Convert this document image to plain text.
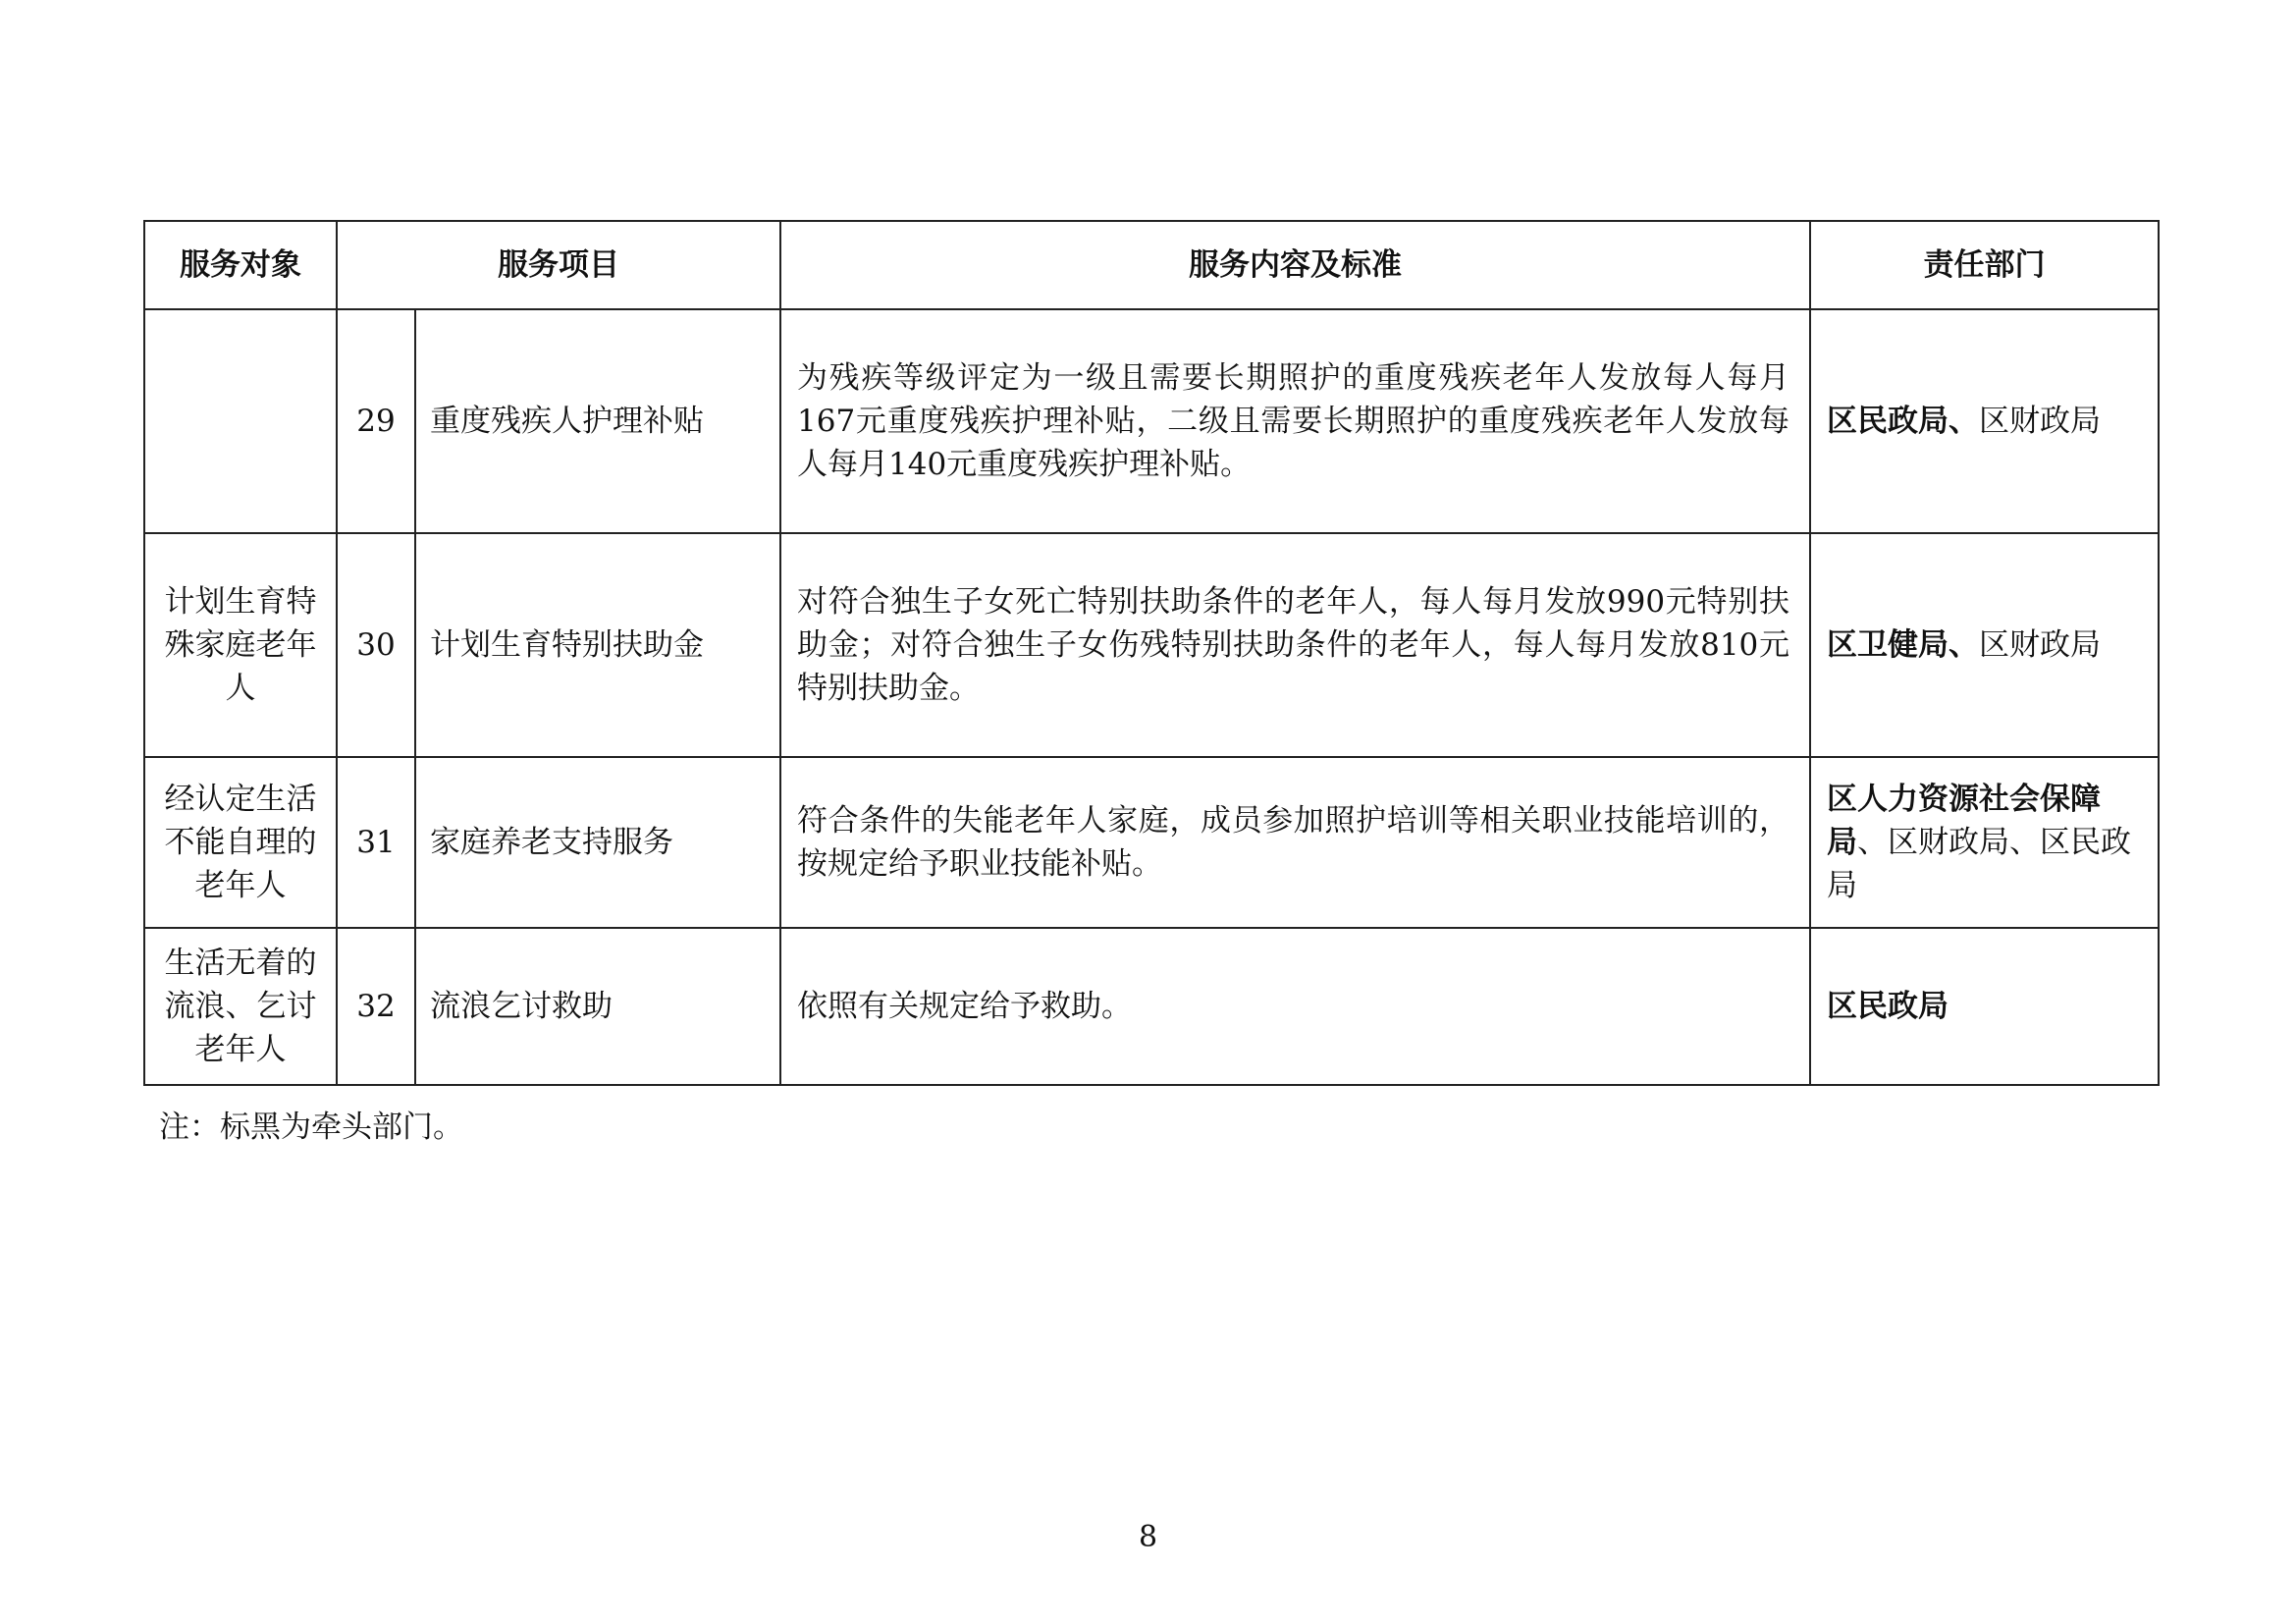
服务对象	服务项目		服务内容及标准	责任部门
	29	重度残疾人护理补贴	为残疾等级评定为一级且需要长期照护的重度残疾老年人发放每人每月167元重度残疾护理补贴，二级且需要长期照护的重度残疾老年人发放每人每月140元重度残疾护理补贴。	区民政局、区财政局
计划生育特殊家庭老年人	30	计划生育特别扶助金	对符合独生子女死亡特别扶助条件的老年人，每人每月发放990元特别扶助金；对符合独生子女伤残特别扶助条件的老年人，每人每月发放810元特别扶助金。	区卫健局、区财政局
经认定生活不能自理的老年人	31	家庭养老支持服务	符合条件的失能老年人家庭，成员参加照护培训等相关职业技能培训的，按规定给予职业技能补贴。	区人力资源社会保障局、区财政局、区民政局
生活无着的流浪、乞讨老年人	32	流浪乞讨救助	依照有关规定给予救助。	区民政局
注：标黑为牵头部门。
8
